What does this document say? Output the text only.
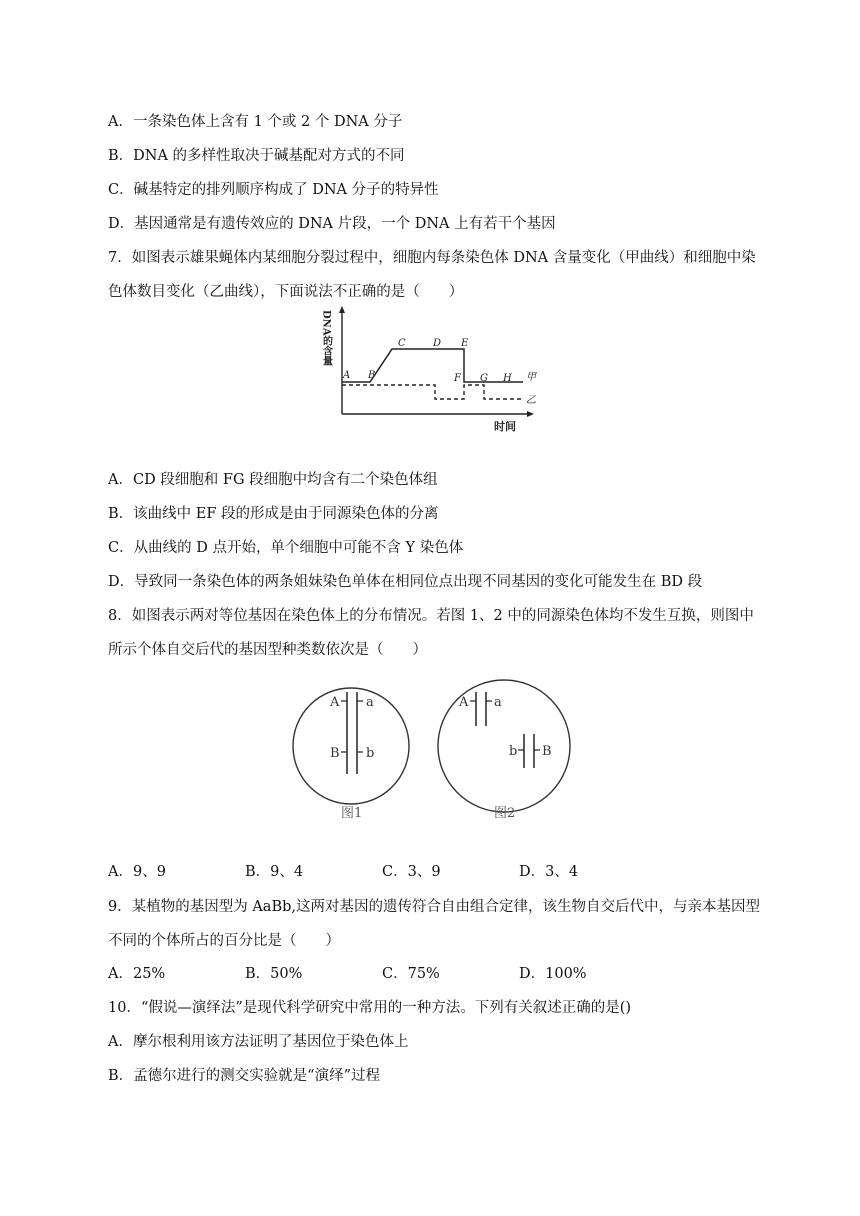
A．一条染色体上含有 1 个或 2 个 DNA 分子
B．DNA 的多样性取决于碱基配对方式的不同
C．碱基特定的排列顺序构成了 DNA 分子的特异性
D．基因通常是有遗传效应的 DNA 片段，一个 DNA 上有若干个基因
7．如图表示雄果蝇体内某细胞分裂过程中，细胞内每条染色体 DNA 含量变化（甲曲线）和细胞中染
色体数目变化（乙曲线），下面说法不正确的是（　　）
DNA的含量
A B
C	D E
F G H 甲
乙
时间
A．CD 段细胞和 FG 段细胞中均含有二个染色体组
B．该曲线中 EF 段的形成是由于同源染色体的分离
C．从曲线的 D 点开始，单个细胞中可能不含 Y 染色体
D．导致同一条染色体的两条姐妹染色单体在相同位点出现不同基因的变化可能发生在 BD 段
8．如图表示两对等位基因在染色体上的分布情况。若图 1、2 中的同源染色体均不发生互换，则图中
所示个体自交后代的基因型种类数依次是（　　）
A a
B b
图1
A a
b B
图2
A．9、9	B．9、4	C．3、9	D．3、4
9．某植物的基因型为 AaBb,这两对基因的遗传符合自由组合定律，该生物自交后代中，与亲本基因型
不同的个体所占的百分比是（　　）
A．25%	B．50%	C．75%	D．100%
10．“假说—演绎法”是现代科学研究中常用的一种方法。下列有关叙述正确的是()
A．摩尔根利用该方法证明了基因位于染色体上
B．孟德尔进行的测交实验就是“演绎”过程
